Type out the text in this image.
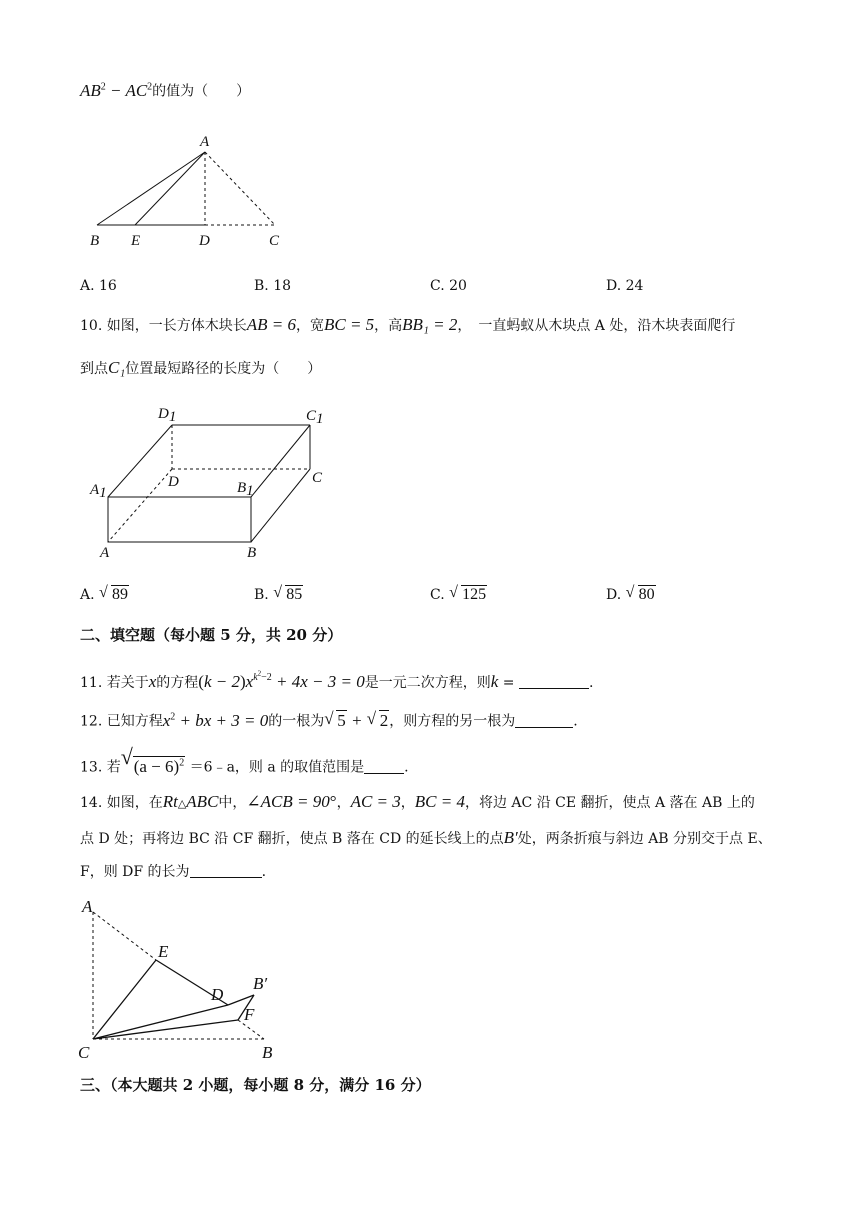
$AB^2 - AC^2$的值为（　　）
A
B E	D	C
A. 16	B. 18	C. 20	D. 24
10. 如图，一长方体木块长AB = 6，宽BC = 5，高BB₁ = 2，　一直蚂蚁从木块点 A 处，沿木块表面爬行
到点C₁位置最短路径的长度为（　　）
D1	C1
A1
D	B1
C
A	B
A. √ 89	B. √ 85	C. √ 125	D. √ 80
二、填空题（每小题 5 分，共 20 分）
11. 若关于x的方程$(k - 2)x^{k^2-2} + 4x - 3 = 0$是一元二次方程，则k =	.
12. 已知方程$x^2$ + bx + 3 = 0的一根为 √ 5 + √ 2，则方程的另一根为	.
13. 若 √ $(a - 6)^2$ ＝6﹣a，则 a 的取值范围是	.
14. 如图，在Rt△ABC中，∠ACB = 90°，AC = 3，BC = 4，将边 AC 沿 CE 翻折，使点 A 落在 AB 上的
点 D 处；再将边 BC 沿 CF 翻折，使点 B 落在 CD 的延长线上的点B′处，两条折痕与斜边 AB 分别交于点 E、
F，则 DF 的长为	.
A
E
D
B′
F
C	B
三、（本大题共 2 小题，每小题 8 分，满分 16 分）
